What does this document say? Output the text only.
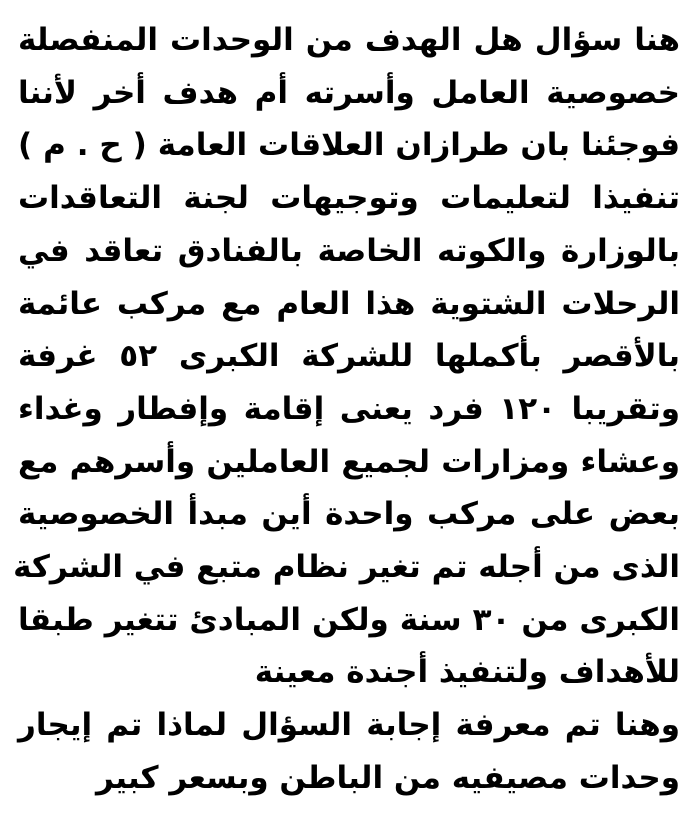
هنا سؤال هل الهدف من الوحدات المنفصلة
خصوصية العامل وأسرته أم هدف أخر لأننا
فوجئنا بان طرازان العلاقات العامة ( ح . م )
تنفيذا لتعليمات وتوجيهات لجنة التعاقدات
بالوزارة والكوته الخاصة بالفنادق تعاقد في
الرحلات الشتوية هذا العام مع مركب عائمة
بالأقصر بأكملها للشركة الكبرى ٥٢ غرفة
وتقريبا ١٢٠ فرد يعنى إقامة وإفطار وغداء
وعشاء ومزارات لجميع العاملين وأسرهم مع
بعض على مركب واحدة أين مبدأ الخصوصية
الذى من أجله تم تغير نظام متبع في الشركة
الكبرى من ٣٠ سنة ولكن المبادئ تتغير طبقا
للأهداف ولتنفيذ أجندة معينة
وهنا تم معرفة إجابة السؤال لماذا تم إيجار
وحدات مصيفيه من الباطن وبسعر كبير
